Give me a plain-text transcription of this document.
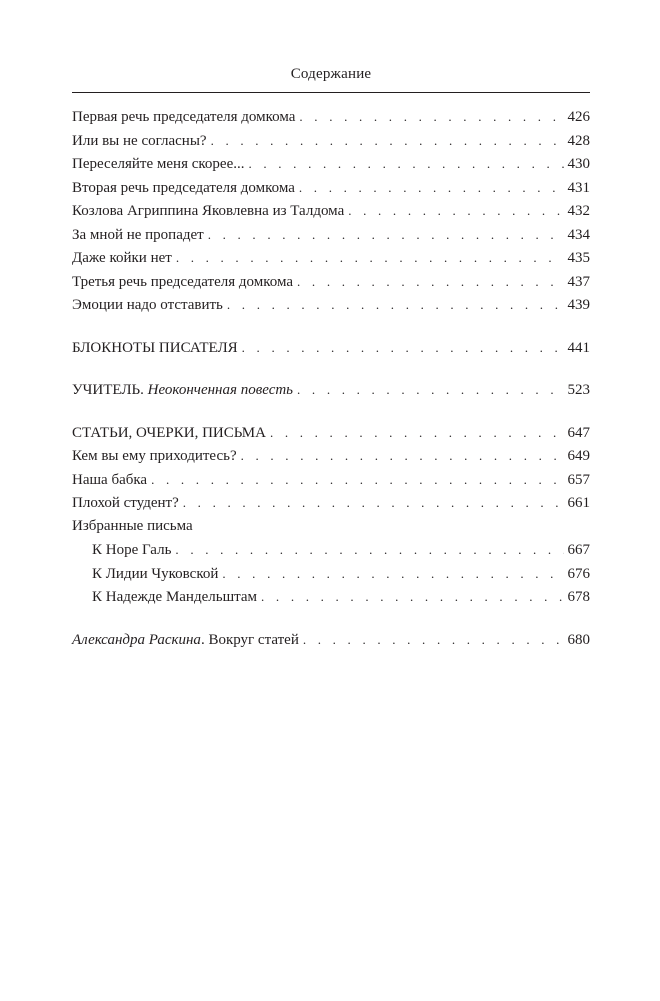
Содержание
Первая речь председателя домкома . . .	426
Или вы не согласны? . . .	428
Переселяйте меня скорее... . . .	430
Вторая речь председателя домкома . . .	431
Козлова Агриппина Яковлевна из Талдома . . .	432
За мной не пропадет . . .	434
Даже койки нет . . .	435
Третья речь председателя домкома . . .	437
Эмоции надо отставить . . .	439
БЛОКНОТЫ ПИСАТЕЛЯ . . .	441
УЧИТЕЛЬ. Неоконченная повесть . . .	523
СТАТЬИ, ОЧЕРКИ, ПИСЬМА . . .	647
Кем вы ему приходитесь? . . .	649
Наша бабка . . .	657
Плохой студент? . . .	661
Избранные письма
К Норе Галь . . .	667
К Лидии Чуковской . . .	676
К Надежде Мандельштам . . .	678
Александра Раскина. Вокруг статей . . .	680
